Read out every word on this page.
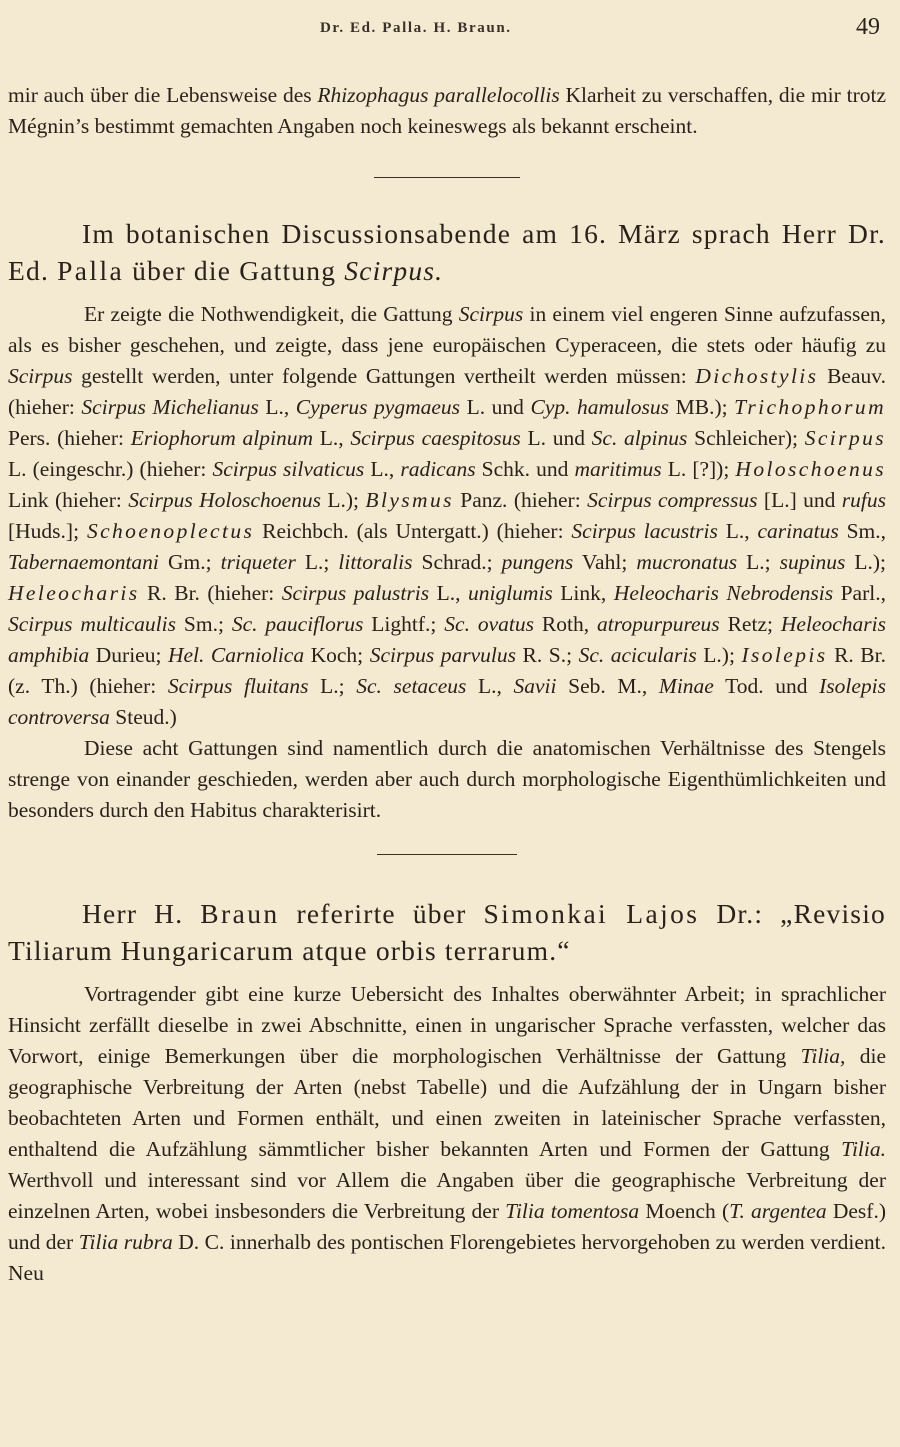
Dr. Ed. Palla. H. Braun.	49

mir auch über die Lebensweise des Rhizophagus parallelocollis Klarheit zu verschaffen, die mir trotz Mégnin’s bestimmt gemachten Angaben noch keineswegs als bekannt erscheint.

Im botanischen Discussionsabende am 16. März sprach Herr Dr. Ed. Palla über die Gattung Scirpus.

Er zeigte die Nothwendigkeit, die Gattung Scirpus in einem viel engeren Sinne aufzufassen, als es bisher geschehen, und zeigte, dass jene europäischen Cyperaceen, die stets oder häufig zu Scirpus gestellt werden, unter folgende Gattungen vertheilt werden müssen: Dichostylis Beauv. (hieher: Scirpus Michelianus L., Cyperus pygmaeus L. und Cyp. hamulosus MB.); Trichophorum Pers. (hieher: Eriophorum alpinum L., Scirpus caespitosus L. und Sc. alpinus Schleicher); Scirpus L. (eingeschr.) (hieher: Scirpus silvaticus L., radicans Schk. und maritimus L. [?]); Holoschoenus Link (hieher: Scirpus Holoschoenus L.); Blysmus Panz. (hieher: Scirpus compressus [L.] und rufus [Huds.]; Schoenoplectus Reichbch. (als Untergatt.) (hieher: Scirpus lacustris L., carinatus Sm., Tabernaemontani Gm.; triqueter L.; littoralis Schrad.; pungens Vahl; mucronatus L.; supinus L.); Heleocharis R. Br. (hieher: Scirpus palustris L., uniglumis Link, Heleocharis Nebrodensis Parl., Scirpus multicaulis Sm.; Sc. pauciflorus Lightf.; Sc. ovatus Roth, atropurpureus Retz; Heleocharis amphibia Durieu; Hel. Carniolica Koch; Scirpus parvulus R. S.; Sc. acicularis L.); Isolepis R. Br. (z. Th.) (hieher: Scirpus fluitans L.; Sc. setaceus L., Savii Seb. M., Minae Tod. und Isolepis controversa Steud.)

Diese acht Gattungen sind namentlich durch die anatomischen Verhältnisse des Stengels strenge von einander geschieden, werden aber auch durch morphologische Eigenthümlichkeiten und besonders durch den Habitus charakterisirt.

Herr H. Braun referirte über Simonkai Lajos Dr.: „Revisio Tiliarum Hungaricarum atque orbis terrarum.“

Vortragender gibt eine kurze Uebersicht des Inhaltes oberwähnter Arbeit; in sprachlicher Hinsicht zerfällt dieselbe in zwei Abschnitte, einen in ungarischer Sprache verfassten, welcher das Vorwort, einige Bemerkungen über die morphologischen Verhältnisse der Gattung Tilia, die geographische Verbreitung der Arten (nebst Tabelle) und die Aufzählung der in Ungarn bisher beobachteten Arten und Formen enthält, und einen zweiten in lateinischer Sprache verfassten, enthaltend die Aufzählung sämmtlicher bisher bekannten Arten und Formen der Gattung Tilia. Werthvoll und interessant sind vor Allem die Angaben über die geographische Verbreitung der einzelnen Arten, wobei insbesonders die Verbreitung der Tilia tomentosa Moench (T. argentea Desf.) und der Tilia rubra D. C. innerhalb des pontischen Florengebietes hervorgehoben zu werden verdient. Neu
